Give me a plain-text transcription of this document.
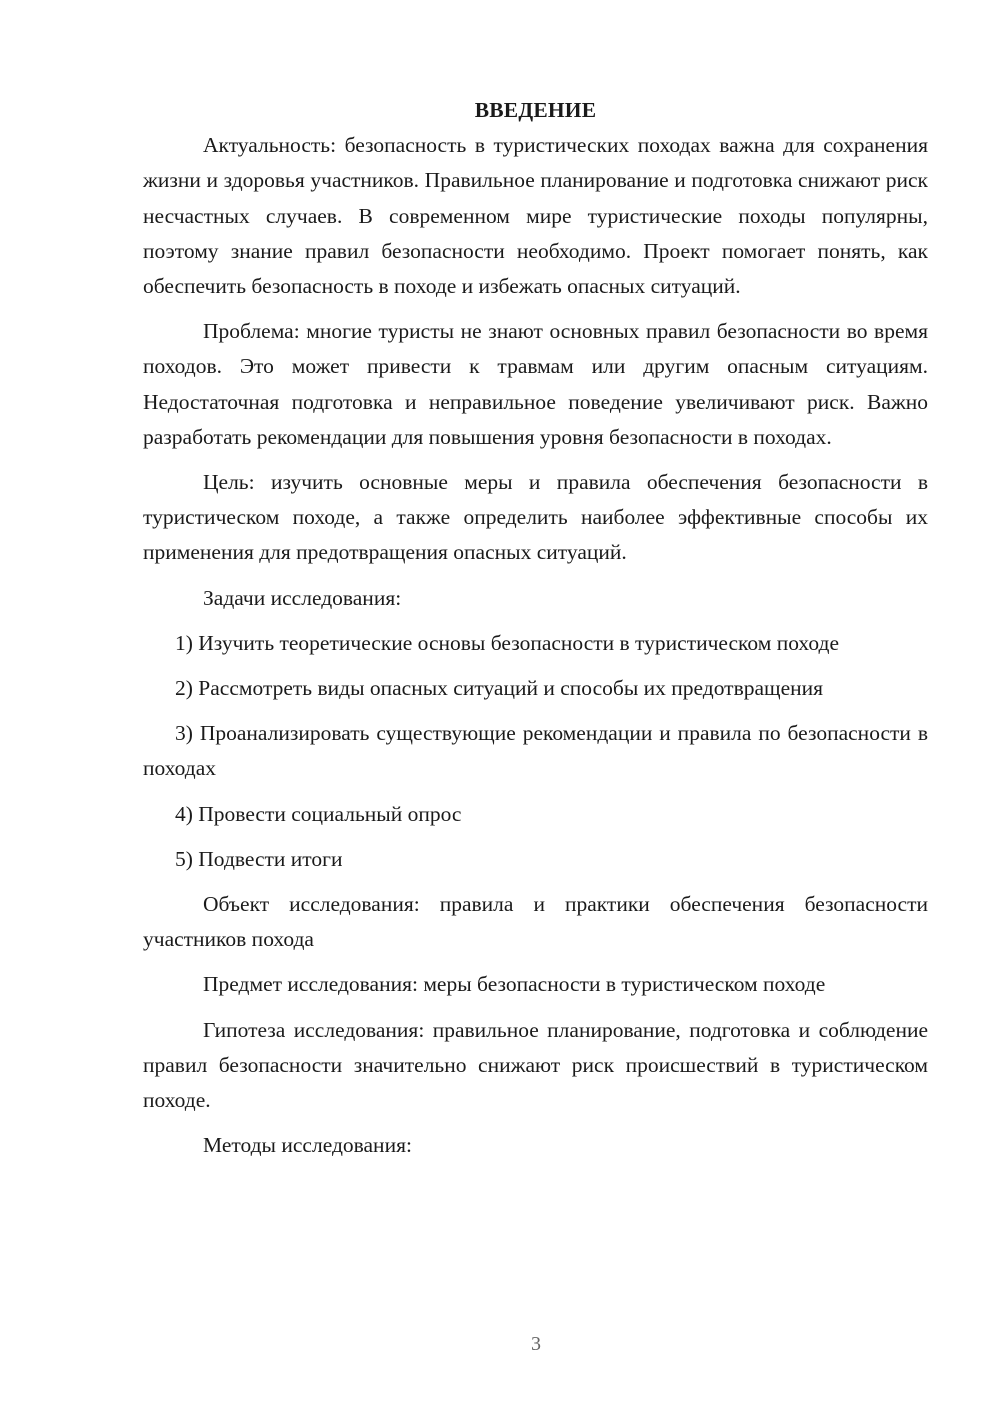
ВВЕДЕНИЕ

Актуальность: безопасность в туристических походах важна для сохранения жизни и здоровья участников. Правильное планирование и подготовка снижают риск несчастных случаев. В современном мире туристические походы популярны, поэтому знание правил безопасности необходимо. Проект помогает понять, как обеспечить безопасность в походе и избежать опасных ситуаций.

Проблема: многие туристы не знают основных правил безопасности во время походов. Это может привести к травмам или другим опасным ситуациям. Недостаточная подготовка и неправильное поведение увеличивают риск. Важно разработать рекомендации для повышения уровня безопасности в походах.

Цель: изучить основные меры и правила обеспечения безопасности в туристическом походе, а также определить наиболее эффективные способы их применения для предотвращения опасных ситуаций.

Задачи исследования:

1) Изучить теоретические основы безопасности в туристическом походе

2) Рассмотреть виды опасных ситуаций и способы их предотвращения

3) Проанализировать существующие рекомендации и правила по безопасности в походах

4) Провести социальный опрос

5) Подвести итоги

Объект исследования: правила и практики обеспечения безопасности участников похода

Предмет исследования: меры безопасности в туристическом походе

Гипотеза исследования: правильное планирование, подготовка и соблюдение правил безопасности значительно снижают риск происшествий в туристическом походе.

Методы исследования:

3
